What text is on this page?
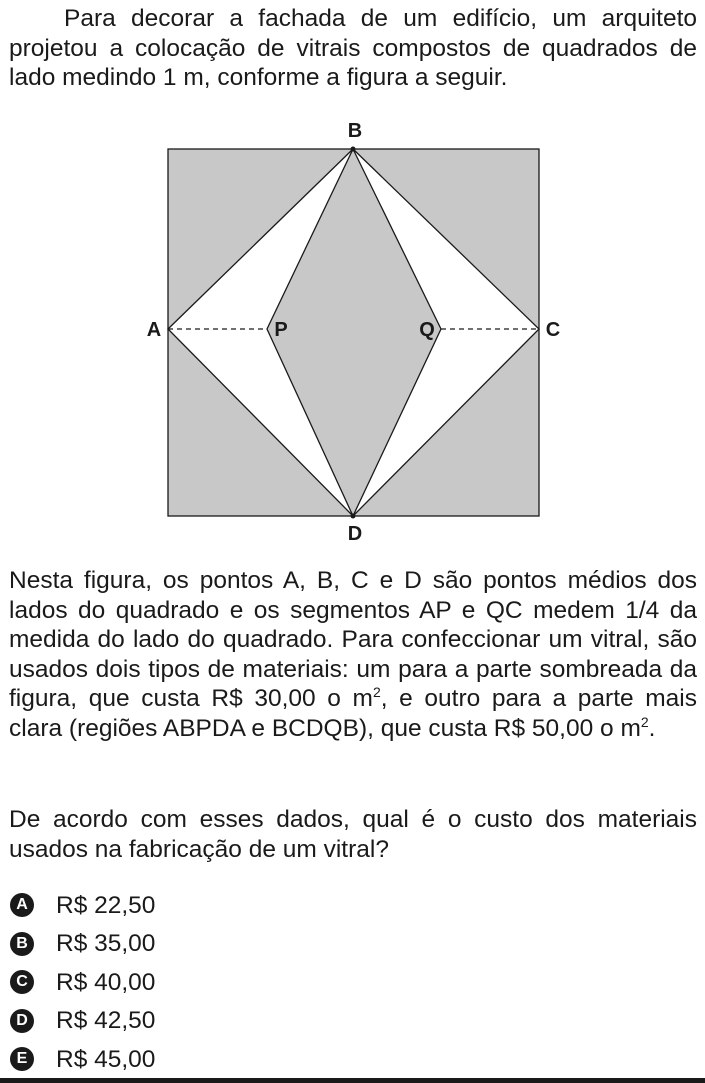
Para decorar a fachada de um edifício, um arquiteto projetou a colocação de vitrais compostos de quadrados de lado medindo 1 m, conforme a figura a seguir.

B
D
A	C
P	Q

Nesta figura, os pontos A, B, C e D são pontos médios dos lados do quadrado e os segmentos AP e QC medem 1/4 da medida do lado do quadrado. Para confeccionar um vitral, são usados dois tipos de materiais: um para a parte sombreada da figura, que custa R$ 30,00 o $m^2$, e outro para a parte mais clara (regiões ABPDA e BCDQB), que custa R$ 50,00 o $m^2$.

De acordo com esses dados, qual é o custo dos materiais usados na fabricação de um vitral?

A R$ 22,50
B R$ 35,00
C R$ 40,00
D R$ 42,50
E R$ 45,00
